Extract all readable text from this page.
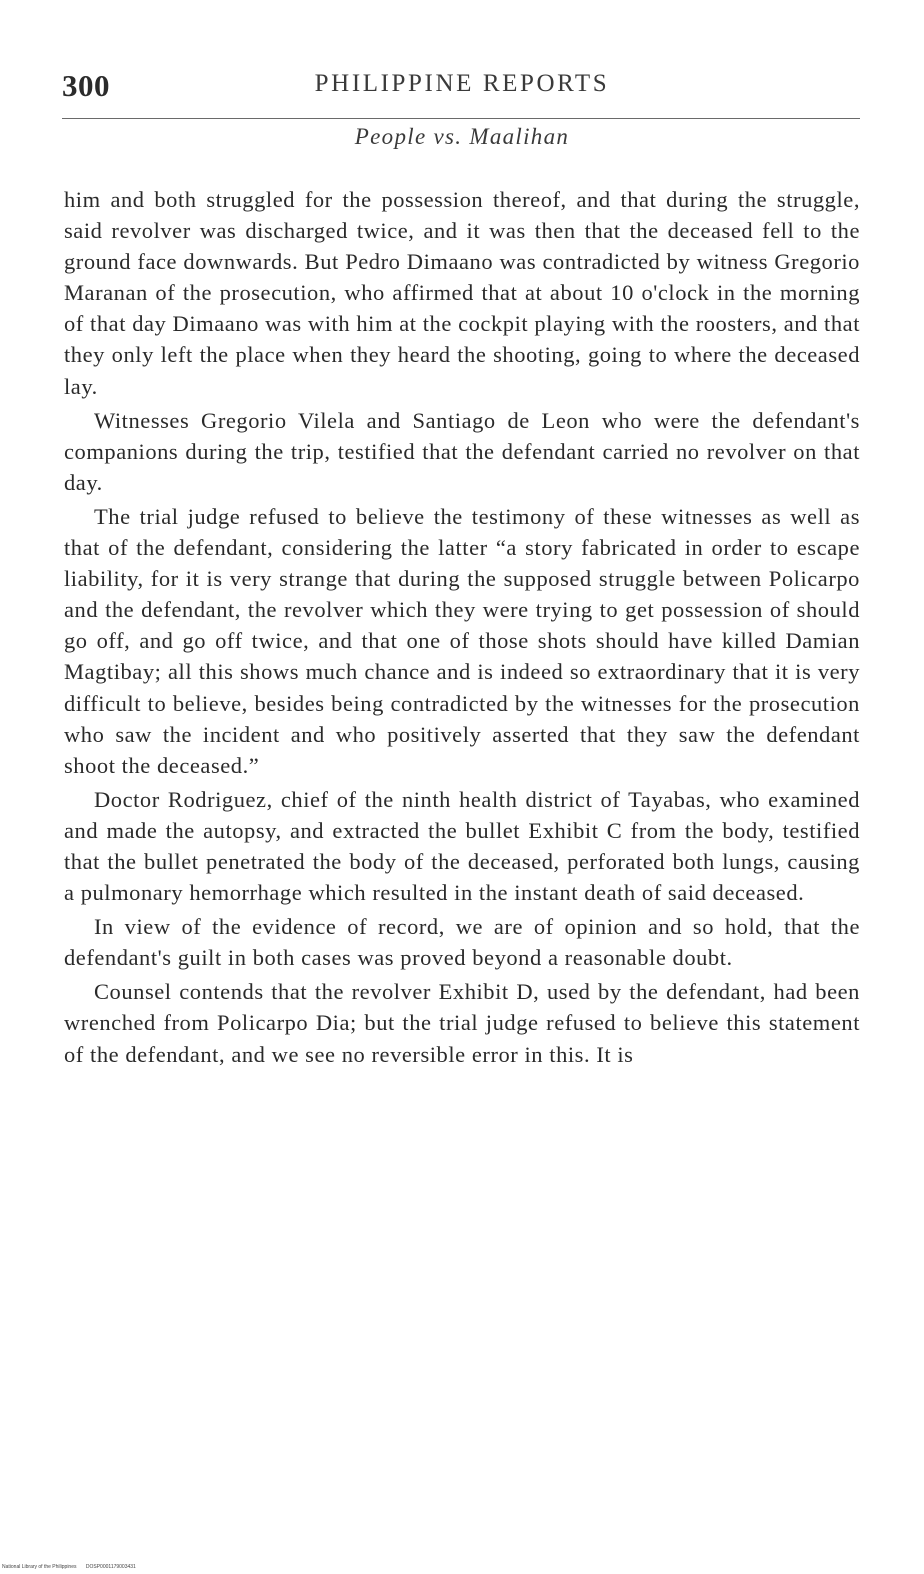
300	PHILIPPINE REPORTS
People vs. Maalihan

him and both struggled for the possession thereof, and that during the struggle, said revolver was discharged twice, and it was then that the deceased fell to the ground face downwards. But Pedro Dimaano was contradicted by witness Gregorio Maranan of the prosecution, who affirmed that at about 10 o'clock in the morning of that day Dimaano was with him at the cockpit playing with the roosters, and that they only left the place when they heard the shooting, going to where the deceased lay.

Witnesses Gregorio Vilela and Santiago de Leon who were the defendant's companions during the trip, testified that the defendant carried no revolver on that day.

The trial judge refused to believe the testimony of these witnesses as well as that of the defendant, considering the latter “a story fabricated in order to escape liability, for it is very strange that during the supposed struggle between Policarpo and the defendant, the revolver which they were trying to get possession of should go off, and go off twice, and that one of those shots should have killed Damian Magtibay; all this shows much chance and is indeed so extraordinary that it is very difficult to believe, besides being contradicted by the witnesses for the prosecution who saw the incident and who positively asserted that they saw the defendant shoot the deceased.”

Doctor Rodriguez, chief of the ninth health district of Tayabas, who examined and made the autopsy, and extracted the bullet Exhibit C from the body, testified that the bullet penetrated the body of the deceased, perforated both lungs, causing a pulmonary hemorrhage which resulted in the instant death of said deceased.

In view of the evidence of record, we are of opinion and so hold, that the defendant's guilt in both cases was proved beyond a reasonable doubt.

Counsel contends that the revolver Exhibit D, used by the defendant, had been wrenched from Policarpo Dia; but the trial judge refused to believe this statement of the defendant, and we see no reversible error in this. It is

National Library of the Philippines DOSP0001179003431
